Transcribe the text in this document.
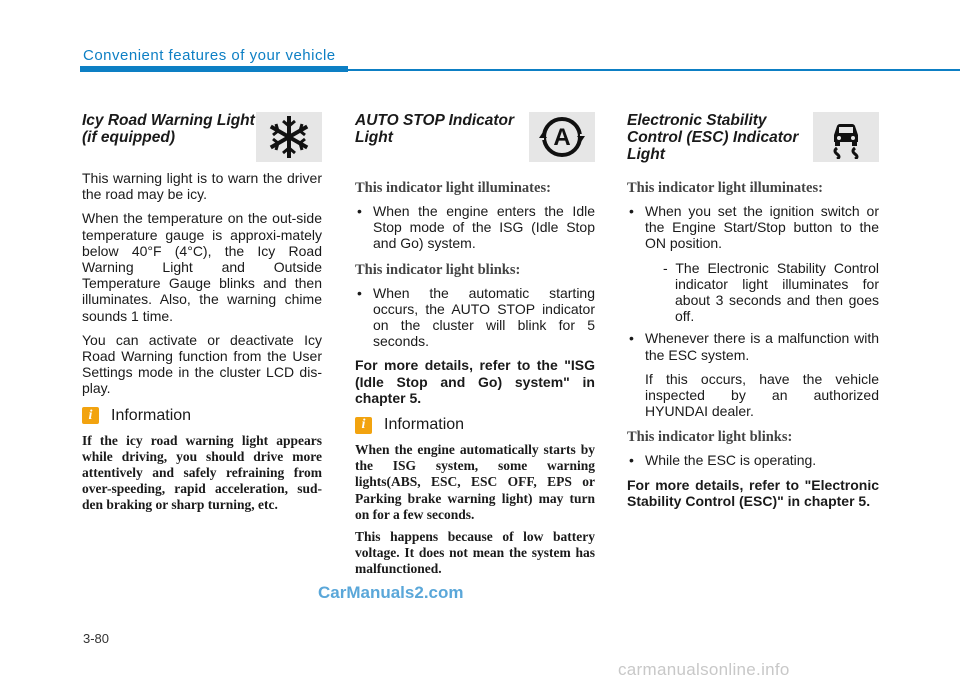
Convenient features of your vehicle
Icy Road Warning Light
(if equipped)

This warning light is to warn the driver the road may be icy.

When the temperature on the out-side temperature gauge is approxi-mately below 40°F (4°C), the Icy Road Warning Light and Outside Temperature Gauge blinks and then illuminates. Also, the warning chime sounds 1 time.

You can activate or deactivate Icy Road Warning function from the User Settings mode in the cluster LCD dis-play.

i	Information

If the icy road warning light appears while driving, you should drive more attentively and safely refraining from over-speeding, rapid acceleration, sud-den braking or sharp turning, etc.

AUTO STOP Indicator
Light	A
This indicator light illuminates:
• When the engine enters the Idle Stop mode of the ISG (Idle Stop and Go) system.
This indicator light blinks:
• When the automatic starting occurs, the AUTO STOP indicator on the cluster will blink for 5 seconds.
For more details, refer to the "ISG (Idle Stop and Go) system" in chapter 5.
i	Information

When the engine automatically starts by the ISG system, some warning lights(ABS, ESC, ESC OFF, EPS or Parking brake warning light) may turn on for a few seconds.

This happens because of low battery voltage. It does not mean the system has malfunctioned.

Electronic Stability
Control (ESC) Indicator
Light
This indicator light illuminates:
• When you set the ignition switch or the Engine Start/Stop button to the ON position.
- The Electronic Stability Control indicator light illuminates for about 3 seconds and then goes off.
• Whenever there is a malfunction with the ESC system.
If this occurs, have the vehicle inspected by an authorized HYUNDAI dealer.
This indicator light blinks:
• While the ESC is operating.
For more details, refer to "Electronic Stability Control (ESC)" in chapter 5.
CarManuals2.com
3-80
carmanualsonline.info
